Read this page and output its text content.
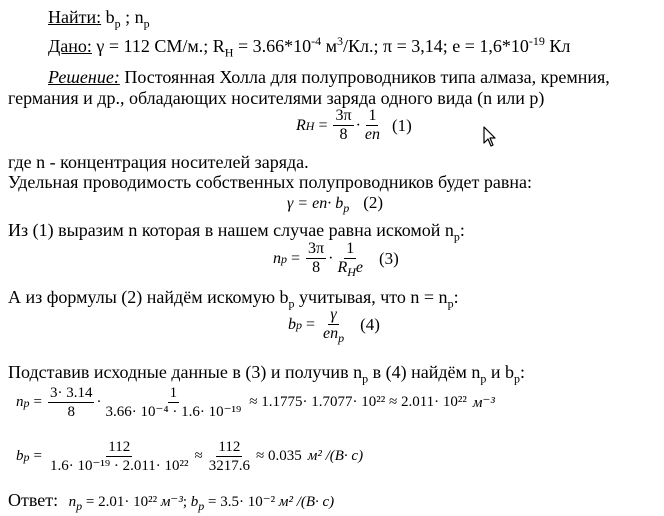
Найти: $b_p$ ; $n_p$
Дано: γ = 112 СМ/м.; $R_H = 3.66*10^{-4}$ $м^3/Кл$.; π = 3,14; $e = 1,6*10^{-19}$ Кл
Решение: Постоянная Холла для полупроводников типа алмаза, кремния,
германия и др., обладающих носителями заряда одного вида (n или p)
R $H = \frac{3\pi}{8} \cdot \frac{1}{en} (1)$
где n - концентрация носителей заряда.
Удельная проводимость собственных полупроводников будет равна:
$\gamma = en\cdot b_p$ (2)
Из (1) выразим n которая в нашем случае равна искомой $n_p$:
n $p = \frac{3\pi}{8} \cdot \frac{1}{R_He} (3)$
А из формулы (2) найдём искомую $b_p$ учитывая, что $n = n_p$:
b $p = \frac{\gamma}{en_p} (4)$
Подставив исходные данные в (3) и получив $n_p$ в (4) найдём $n_p$ и $b_p$:
n $p = \frac{3\cdot 3.14}{8} \cdot \frac{1}{\text{3.66· 10⁻⁴ · 1.6· 10⁻¹⁹}} \approx 1.1775\cdot 1.7077\cdot 10^{22} \approx 2.011\cdot 10^{22}$ м⁻³
b $p = \frac{112}{\text{1.6· 10⁻¹⁹ · 2.011· 10²²}} \approx \frac{112}{3217.6} \approx 0.035$ м² /(В· с)
Ответ: $n_p = 2.01\cdot 10^{22}$ м⁻³; $b_p = 3.5\cdot 10^{-2}$ м² /(В· с)
